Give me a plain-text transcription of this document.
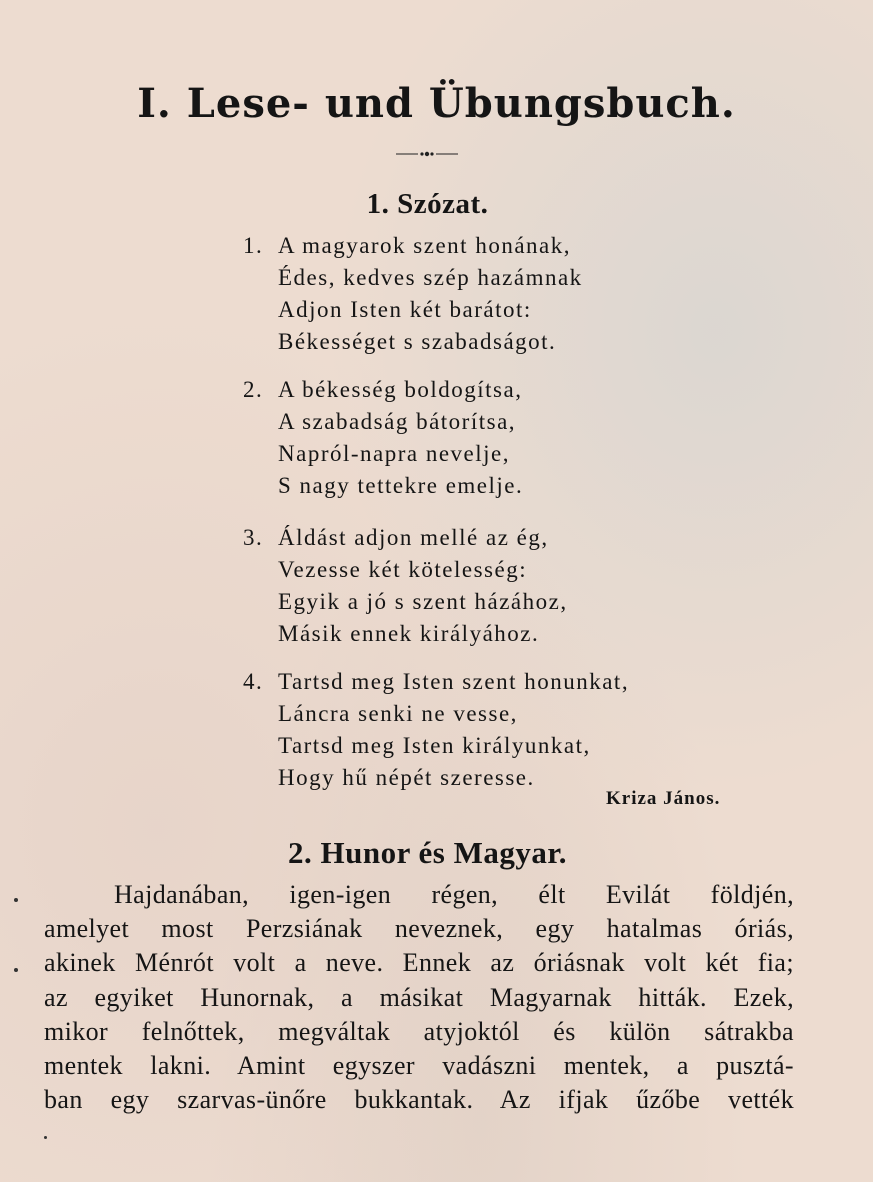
I. Lese- und Übungsbuch.
1. Szózat.
1. A magyarok szent honának,
Édes, kedves szép hazámnak
Adjon Isten két barátot:
Békességet s szabadságot.
2. A békesség boldogítsa,
A szabadság bátorítsa,
Napról-napra nevelje,
S nagy tettekre emelje.
3. Áldást adjon mellé az ég,
Vezesse két kötelesség:
Egyik a jó s szent házához,
Másik ennek királyához.
4. Tartsd meg Isten szent honunkat,
Láncra senki ne vesse,
Tartsd meg Isten királyunkat,
Hogy hű népét szeresse.
Kriza János.
2. Hunor és Magyar.
Hajdanában, igen-igen régen, élt Evilát földjén,
amelyet most Perzsiának neveznek, egy hatalmas óriás,
akinek Ménrót volt a neve. Ennek az óriásnak volt két fia;
az egyiket Hunornak, a másikat Magyarnak hitták. Ezek,
mikor felnőttek, megváltak atyjoktól és külön sátrakba
mentek lakni. Amint egyszer vadászni mentek, a pusztá-
ban egy szarvas-ünőre bukkantak. Az ifjak űzőbe vették
